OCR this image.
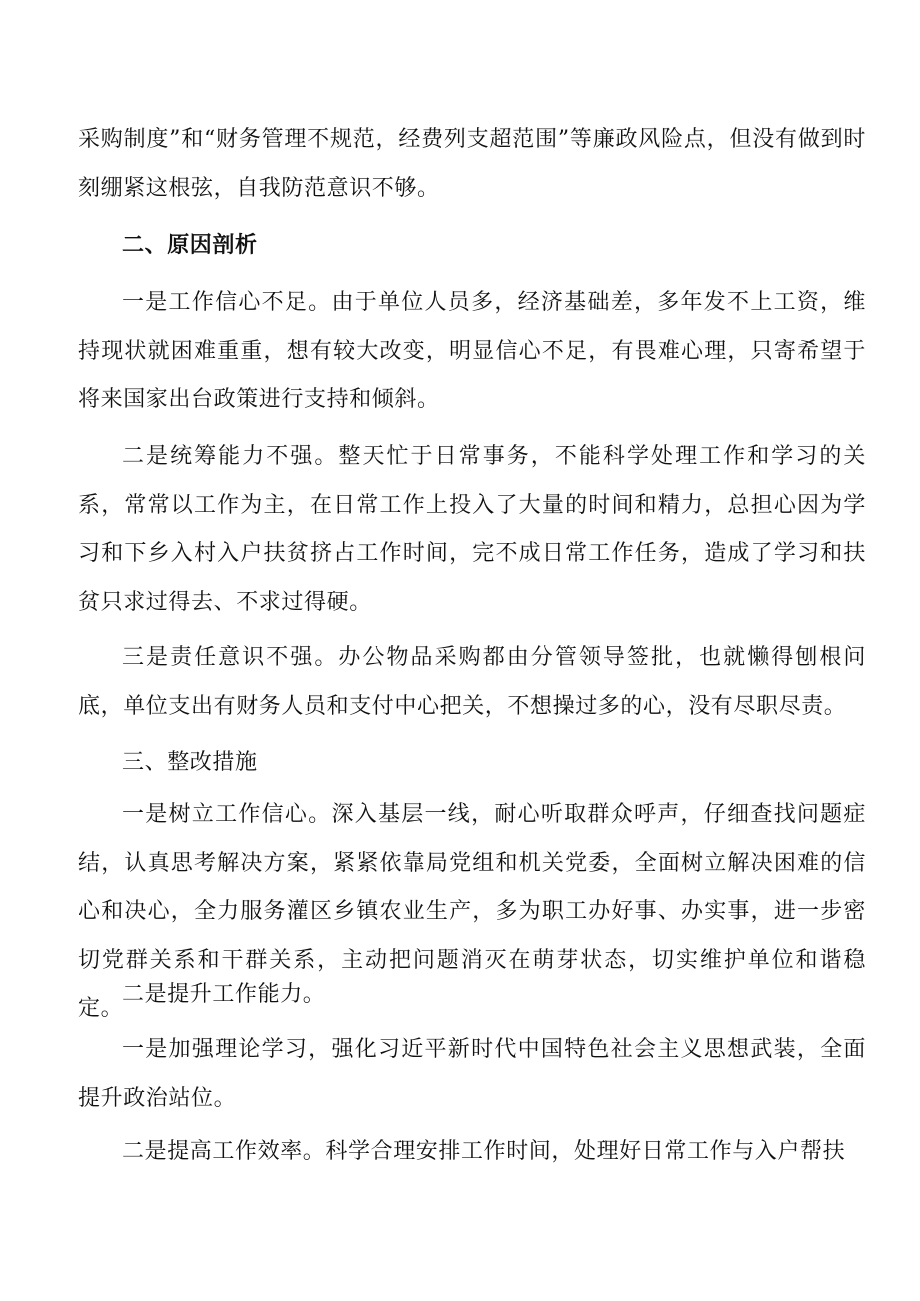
采购制度”和“财务管理不规范，经费列支超范围”等廉政风险点，但没有做到时刻绷紧这根弦，自我防范意识不够。

二、原因剖析

一是工作信心不足。由于单位人员多，经济基础差，多年发不上工资，维持现状就困难重重，想有较大改变，明显信心不足，有畏难心理，只寄希望于将来国家出台政策进行支持和倾斜。

二是统筹能力不强。整天忙于日常事务，不能科学处理工作和学习的关系，常常以工作为主，在日常工作上投入了大量的时间和精力，总担心因为学习和下乡入村入户扶贫挤占工作时间，完不成日常工作任务，造成了学习和扶贫只求过得去、不求过得硬。

三是责任意识不强。办公物品采购都由分管领导签批，也就懒得刨根问底，单位支出有财务人员和支付中心把关，不想操过多的心，没有尽职尽责。

三、整改措施

一是树立工作信心。深入基层一线，耐心听取群众呼声，仔细查找问题症结，认真思考解决方案，紧紧依靠局党组和机关党委，全面树立解决困难的信心和决心，全力服务灌区乡镇农业生产，多为职工办好事、办实事，进一步密切党群关系和干群关系，主动把问题消灭在萌芽状态，切实维护单位和谐稳定。

二是提升工作能力。

一是加强理论学习，强化习近平新时代中国特色社会主义思想武装，全面提升政治站位。

二是提高工作效率。科学合理安排工作时间，处理好日常工作与入户帮扶
